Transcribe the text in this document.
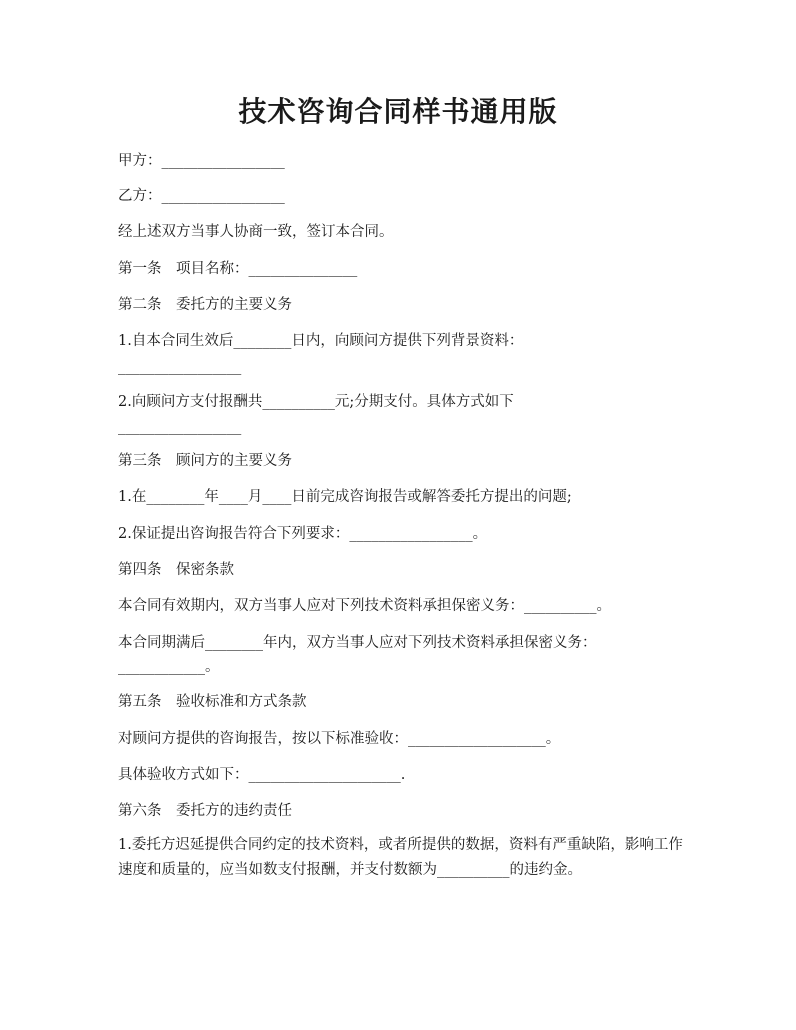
技术咨询合同样书通用版

甲方：_________________

乙方：_________________

经上述双方当事人协商一致，签订本合同。

第一条　项目名称：_______________

第二条　委托方的主要义务

1.自本合同生效后________日内，向顾问方提供下列背景资料：

_________________

2.向顾问方支付报酬共__________元;分期支付。具体方式如下

_________________

第三条　顾问方的主要义务

1.在________年____月____日前完成咨询报告或解答委托方提出的问题;

2.保证提出咨询报告符合下列要求：_________________。

第四条　保密条款

本合同有效期内，双方当事人应对下列技术资料承担保密义务：__________。

本合同期满后________年内，双方当事人应对下列技术资料承担保密义务：

____________。

第五条　验收标准和方式条款

对顾问方提供的咨询报告，按以下标准验收：___________________。

具体验收方式如下：_____________________.

第六条　委托方的违约责任

1.委托方迟延提供合同约定的技术资料，或者所提供的数据，资料有严重缺陷，影响工作速度和质量的，应当如数支付报酬，并支付数额为__________的违约金。
